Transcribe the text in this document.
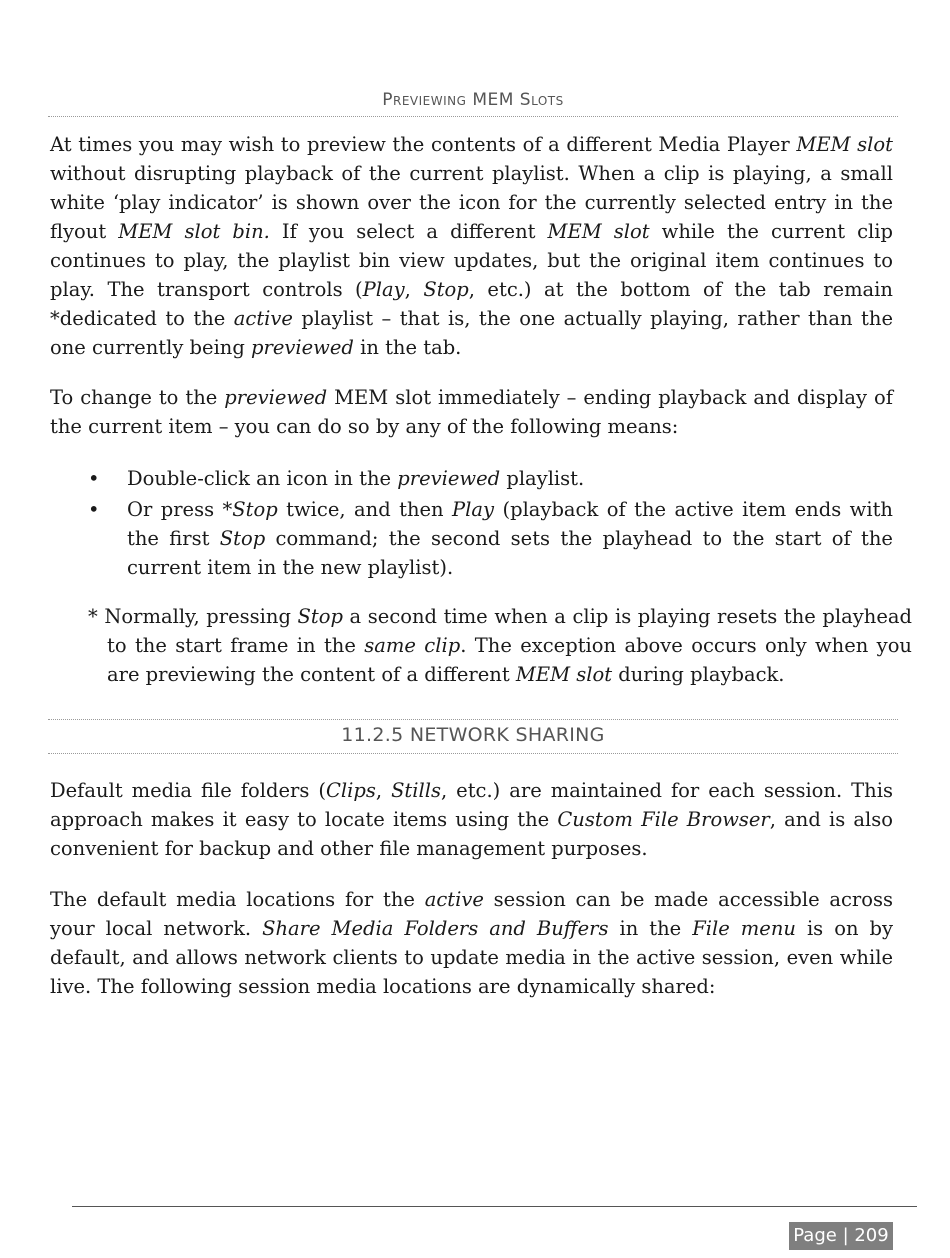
Previewing MEM Slots

At times you may wish to preview the contents of a different Media Player MEM slot without disrupting playback of the current playlist. When a clip is playing, a small white ‘play indicator’ is shown over the icon for the currently selected entry in the flyout MEM slot bin. If you select a different MEM slot while the current clip continues to play, the playlist bin view updates, but the original item continues to play. The transport controls (Play, Stop, etc.) at the bottom of the tab remain *dedicated to the active playlist – that is, the one actually playing, rather than the one currently being previewed in the tab.

To change to the previewed MEM slot immediately – ending playback and display of the current item – you can do so by any of the following means:

• Double-click an icon in the previewed playlist.
• Or press *Stop twice, and then Play (playback of the active item ends with the first Stop command; the second sets the playhead to the start of the current item in the new playlist).

* Normally, pressing Stop a second time when a clip is playing resets the playhead to the start frame in the same clip. The exception above occurs only when you are previewing the content of a different MEM slot during playback.

11.2.5 NETWORK SHARING

Default media file folders (Clips, Stills, etc.) are maintained for each session. This approach makes it easy to locate items using the Custom File Browser, and is also convenient for backup and other file management purposes.

The default media locations for the active session can be made accessible across your local network. Share Media Folders and Buffers in the File menu is on by default, and allows network clients to update media in the active session, even while live. The following session media locations are dynamically shared:

Page | 209
